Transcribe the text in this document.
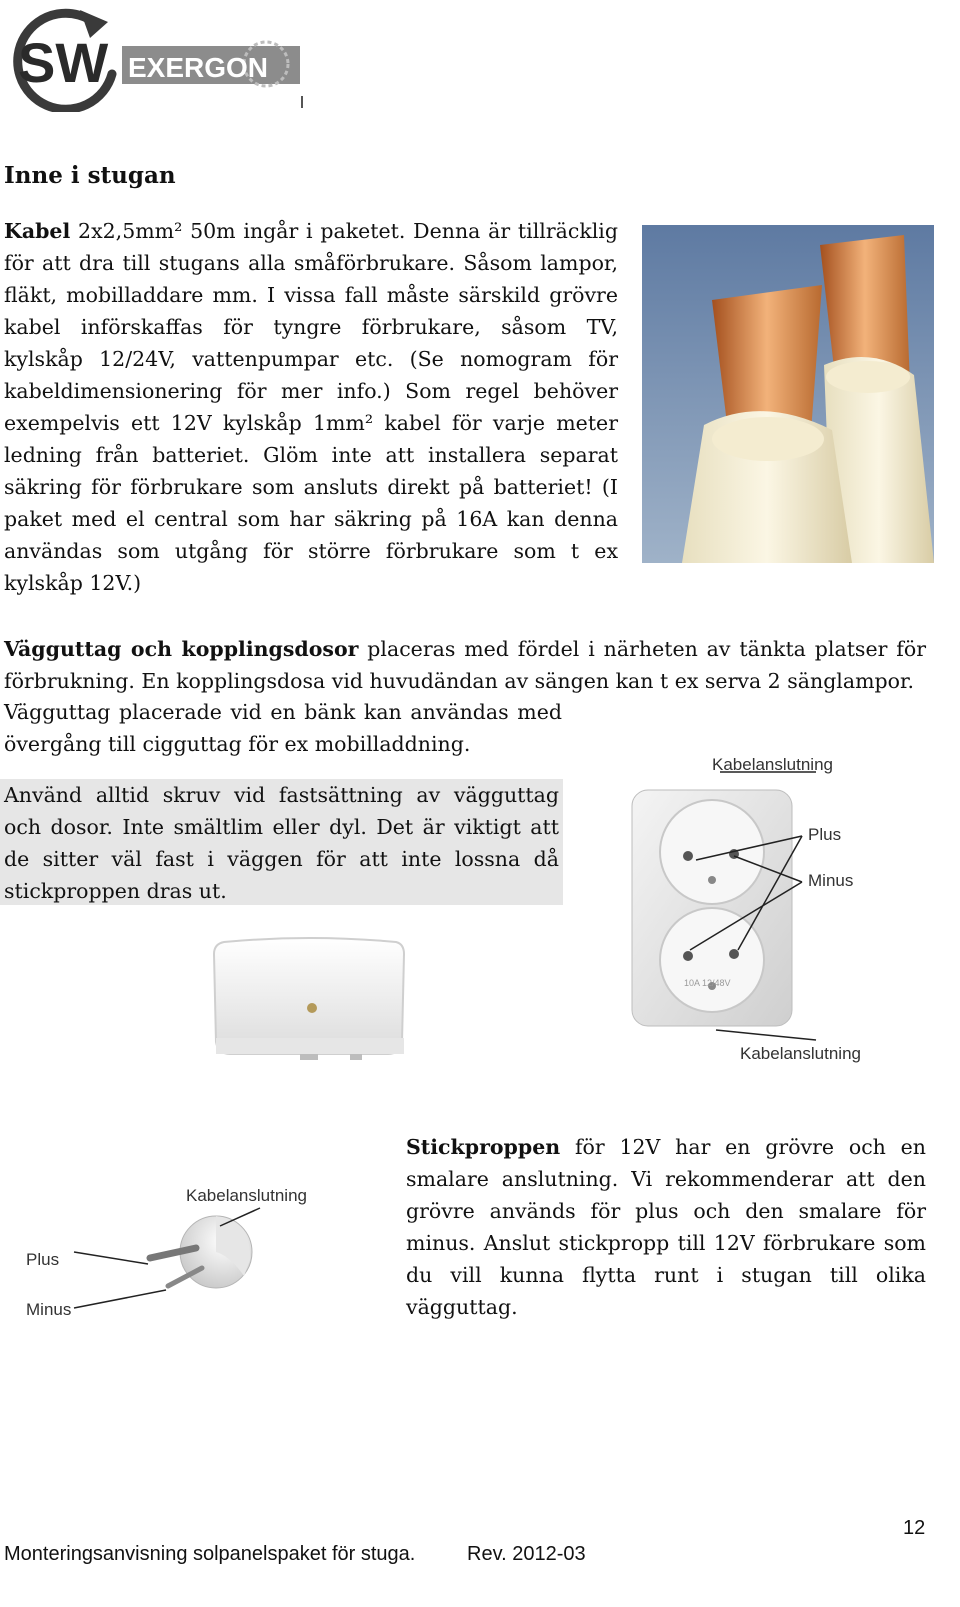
SW EXERGON
Inne i stugan

Kabel 2x2,5mm² 50m ingår i paketet. Denna är tillräcklig för att dra till stugans alla småförbrukare. Såsom lampor, fläkt, mobilladdare mm. I vissa fall måste särskild grövre kabel införskaffas för tyngre förbrukare, såsom TV, kylskåp 12/24V, vattenpumpar etc. (Se nomogram för kabeldimensionering för mer info.) Som regel behöver exempelvis ett 12V kylskåp 1mm² kabel för varje meter ledning från batteriet. Glöm inte att installera separat säkring för förbrukare som ansluts direkt på batteriet! (I paket med el central som har säkring på 16A kan denna användas som utgång för större förbrukare som t ex kylskåp 12V.)

Vägguttag och kopplingsdosor placeras med fördel i närheten av tänkta platser för förbrukning. En kopplingsdosa vid huvudändan av sängen kan t ex serva 2 sänglampor.

Vägguttag placerade vid en bänk kan användas med övergång till cigguttag för ex mobilladdning.

Använd alltid skruv vid fastsättning av vägguttag och dosor. Inte smältlim eller dyl. Det är viktigt att de sitter väl fast i väggen för att inte lossna då stickproppen dras ut.

10A 12/48V
Kabelanslutning
Plus
Minus
Kabelanslutning
Kabelanslutning
Plus
Minus

Stickproppen för 12V har en grövre och en smalare anslutning. Vi rekommenderar att den grövre används för plus och den smalare för minus. Anslut stickpropp till 12V förbrukare som du vill kunna flytta runt i stugan till olika vägguttag.

12
Monteringsanvisning solpanelspaket för stuga.	Rev. 2012-03
